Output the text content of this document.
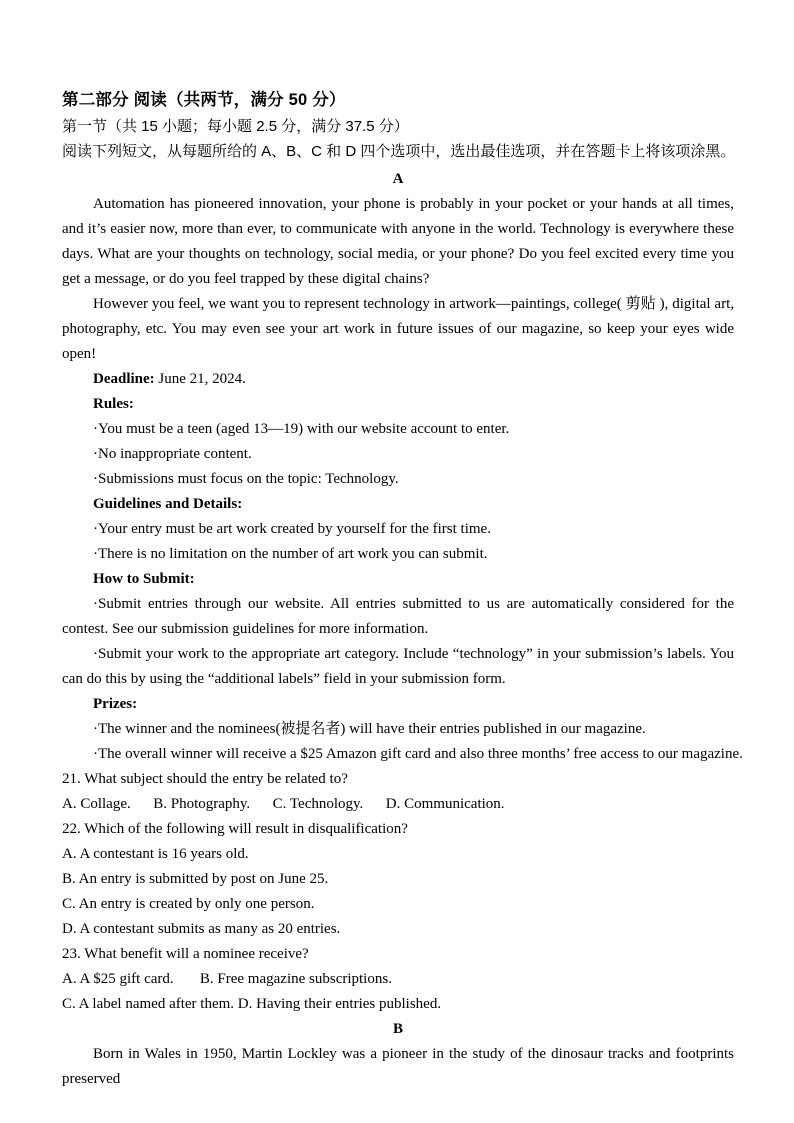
第二部分 阅读（共两节，满分 50 分）

第一节（共 15 小题；每小题 2.5 分，满分 37.5 分）

阅读下列短文，从每题所给的 A、B、C 和 D 四个选项中，选出最佳选项，并在答题卡上将该项涂黑。

A

Automation has pioneered innovation, your phone is probably in your pocket or your hands at all times, and it’s easier now, more than ever, to communicate with anyone in the world. Technology is everywhere these days. What are your thoughts on technology, social media, or your phone? Do you feel excited every time you get a message, or do you feel trapped by these digital chains?

However you feel, we want you to represent technology in artwork—paintings, college( 剪贴 ), digital art, photography, etc. You may even see your art work in future issues of our magazine, so keep your eyes wide open!

Deadline: June 21, 2024.

Rules:

·You must be a teen (aged 13—19) with our website account to enter.

·No inappropriate content.

·Submissions must focus on the topic: Technology.

Guidelines and Details:

·Your entry must be art work created by yourself for the first time.

·There is no limitation on the number of art work you can submit.

How to Submit:

·Submit entries through our website. All entries submitted to us are automatically considered for the contest. See our submission guidelines for more information.

·Submit your work to the appropriate art category. Include “technology” in your submission’s labels. You can do this by using the “additional labels” field in your submission form.

Prizes:

·The winner and the nominees(被提名者) will have their entries published in our magazine.

·The overall winner will receive a $25 Amazon gift card and also three months’ free access to our magazine.

21. What subject should the entry be related to?

A. Collage.      B. Photography.      C. Technology.      D. Communication.

22. Which of the following will result in disqualification?

A. A contestant is 16 years old.

B. An entry is submitted by post on June 25.

C. An entry is created by only one person.

D. A contestant submits as many as 20 entries.

23. What benefit will a nominee receive?

A. A $25 gift card.       B. Free magazine subscriptions.

C. A label named after them. D. Having their entries published.

B

Born in Wales in 1950, Martin Lockley was a pioneer in the study of the dinosaur tracks and footprints preserved
